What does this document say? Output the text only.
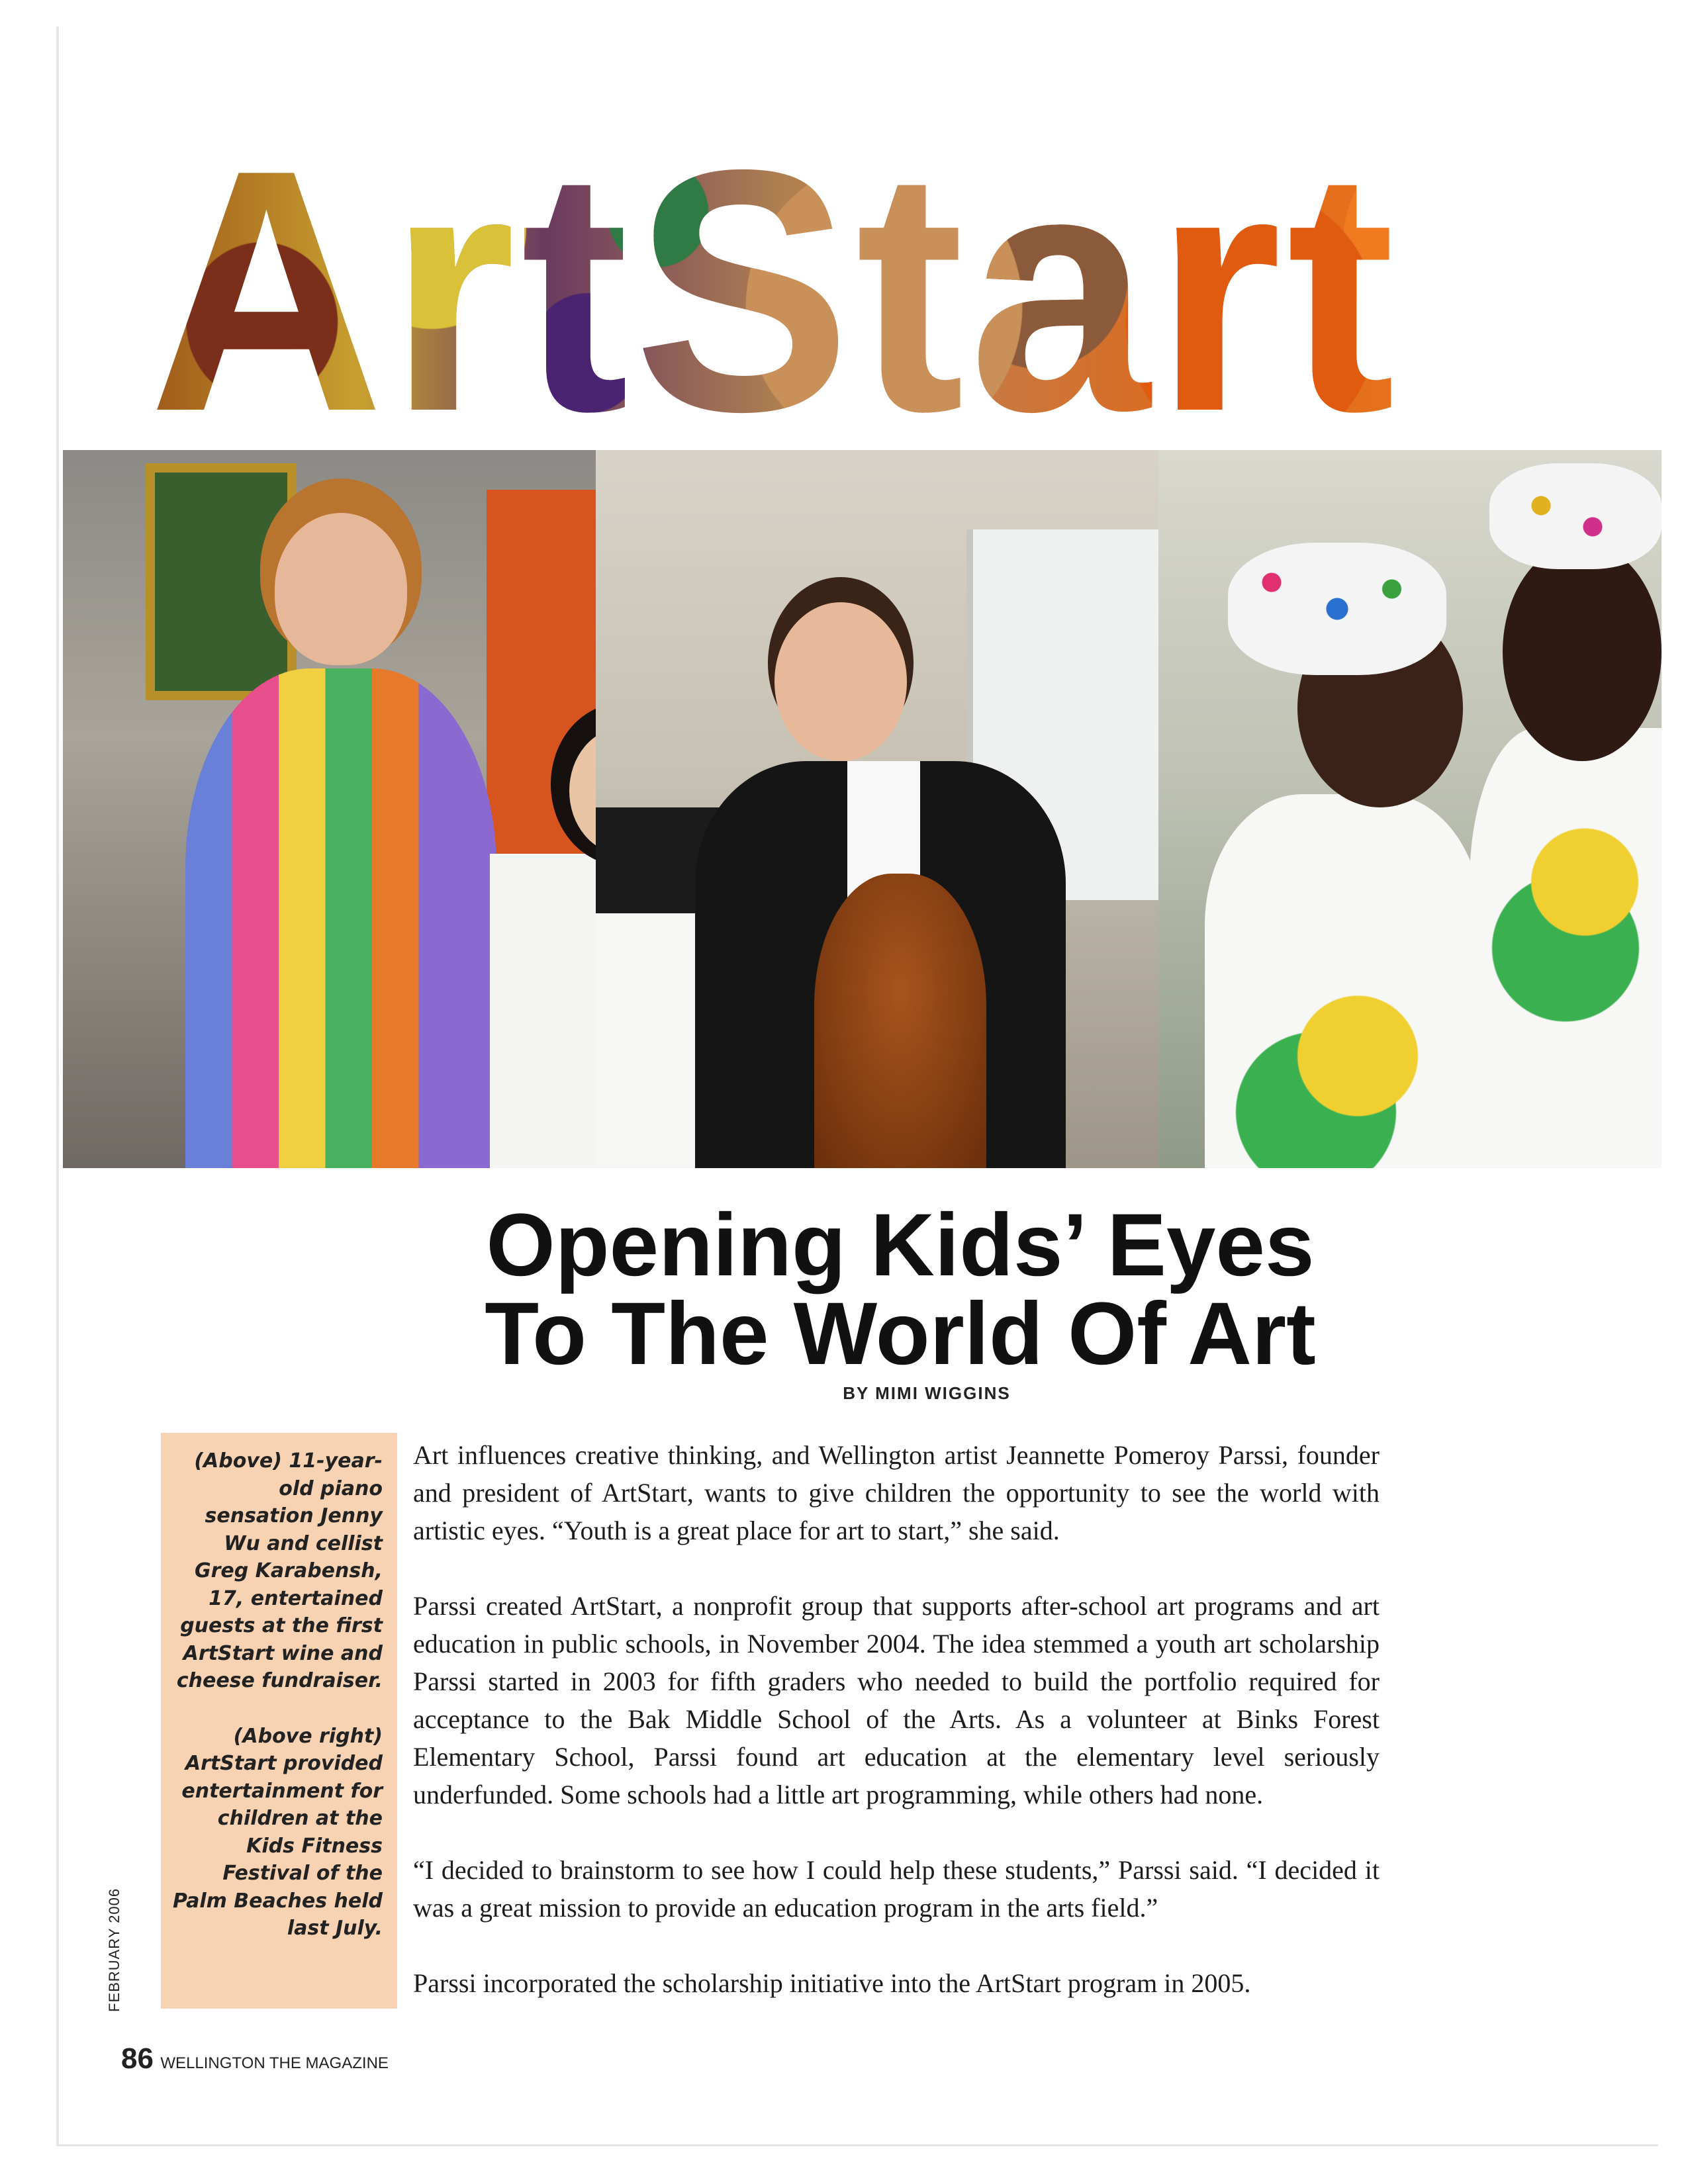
ArtStart
Opening Kids’ Eyes
To The World Of Art
BY MIMI WIGGINS

(Above) 11-year-old piano sensation Jenny Wu and cellist Greg Karabensh, 17, entertained guests at the first ArtStart wine and cheese fundraiser.

(Above right) ArtStart provided entertainment for children at the Kids Fitness Festival of the Palm Beaches held last July.

Art influences creative thinking, and Wellington artist Jeannette Pomeroy Parssi, founder and president of ArtStart, wants to give children the opportunity to see the world with artistic eyes. “Youth is a great place for art to start,” she said.

Parssi created ArtStart, a nonprofit group that supports after-school art programs and art education in public schools, in November 2004. The idea stemmed a youth art scholarship Parssi started in 2003 for fifth graders who needed to build the portfolio required for acceptance to the Bak Middle School of the Arts. As a volunteer at Binks Forest Elementary School, Parssi found art education at the elementary level seriously underfunded. Some schools had a little art programming, while others had none.

“I decided to brainstorm to see how I could help these students,” Parssi said. “I decided it was a great mission to provide an education program in the arts field.”

Parssi incorporated the scholarship initiative into the ArtStart program in 2005.

FEBRUARY 2006
86 WELLINGTON THE MAGAZINE
